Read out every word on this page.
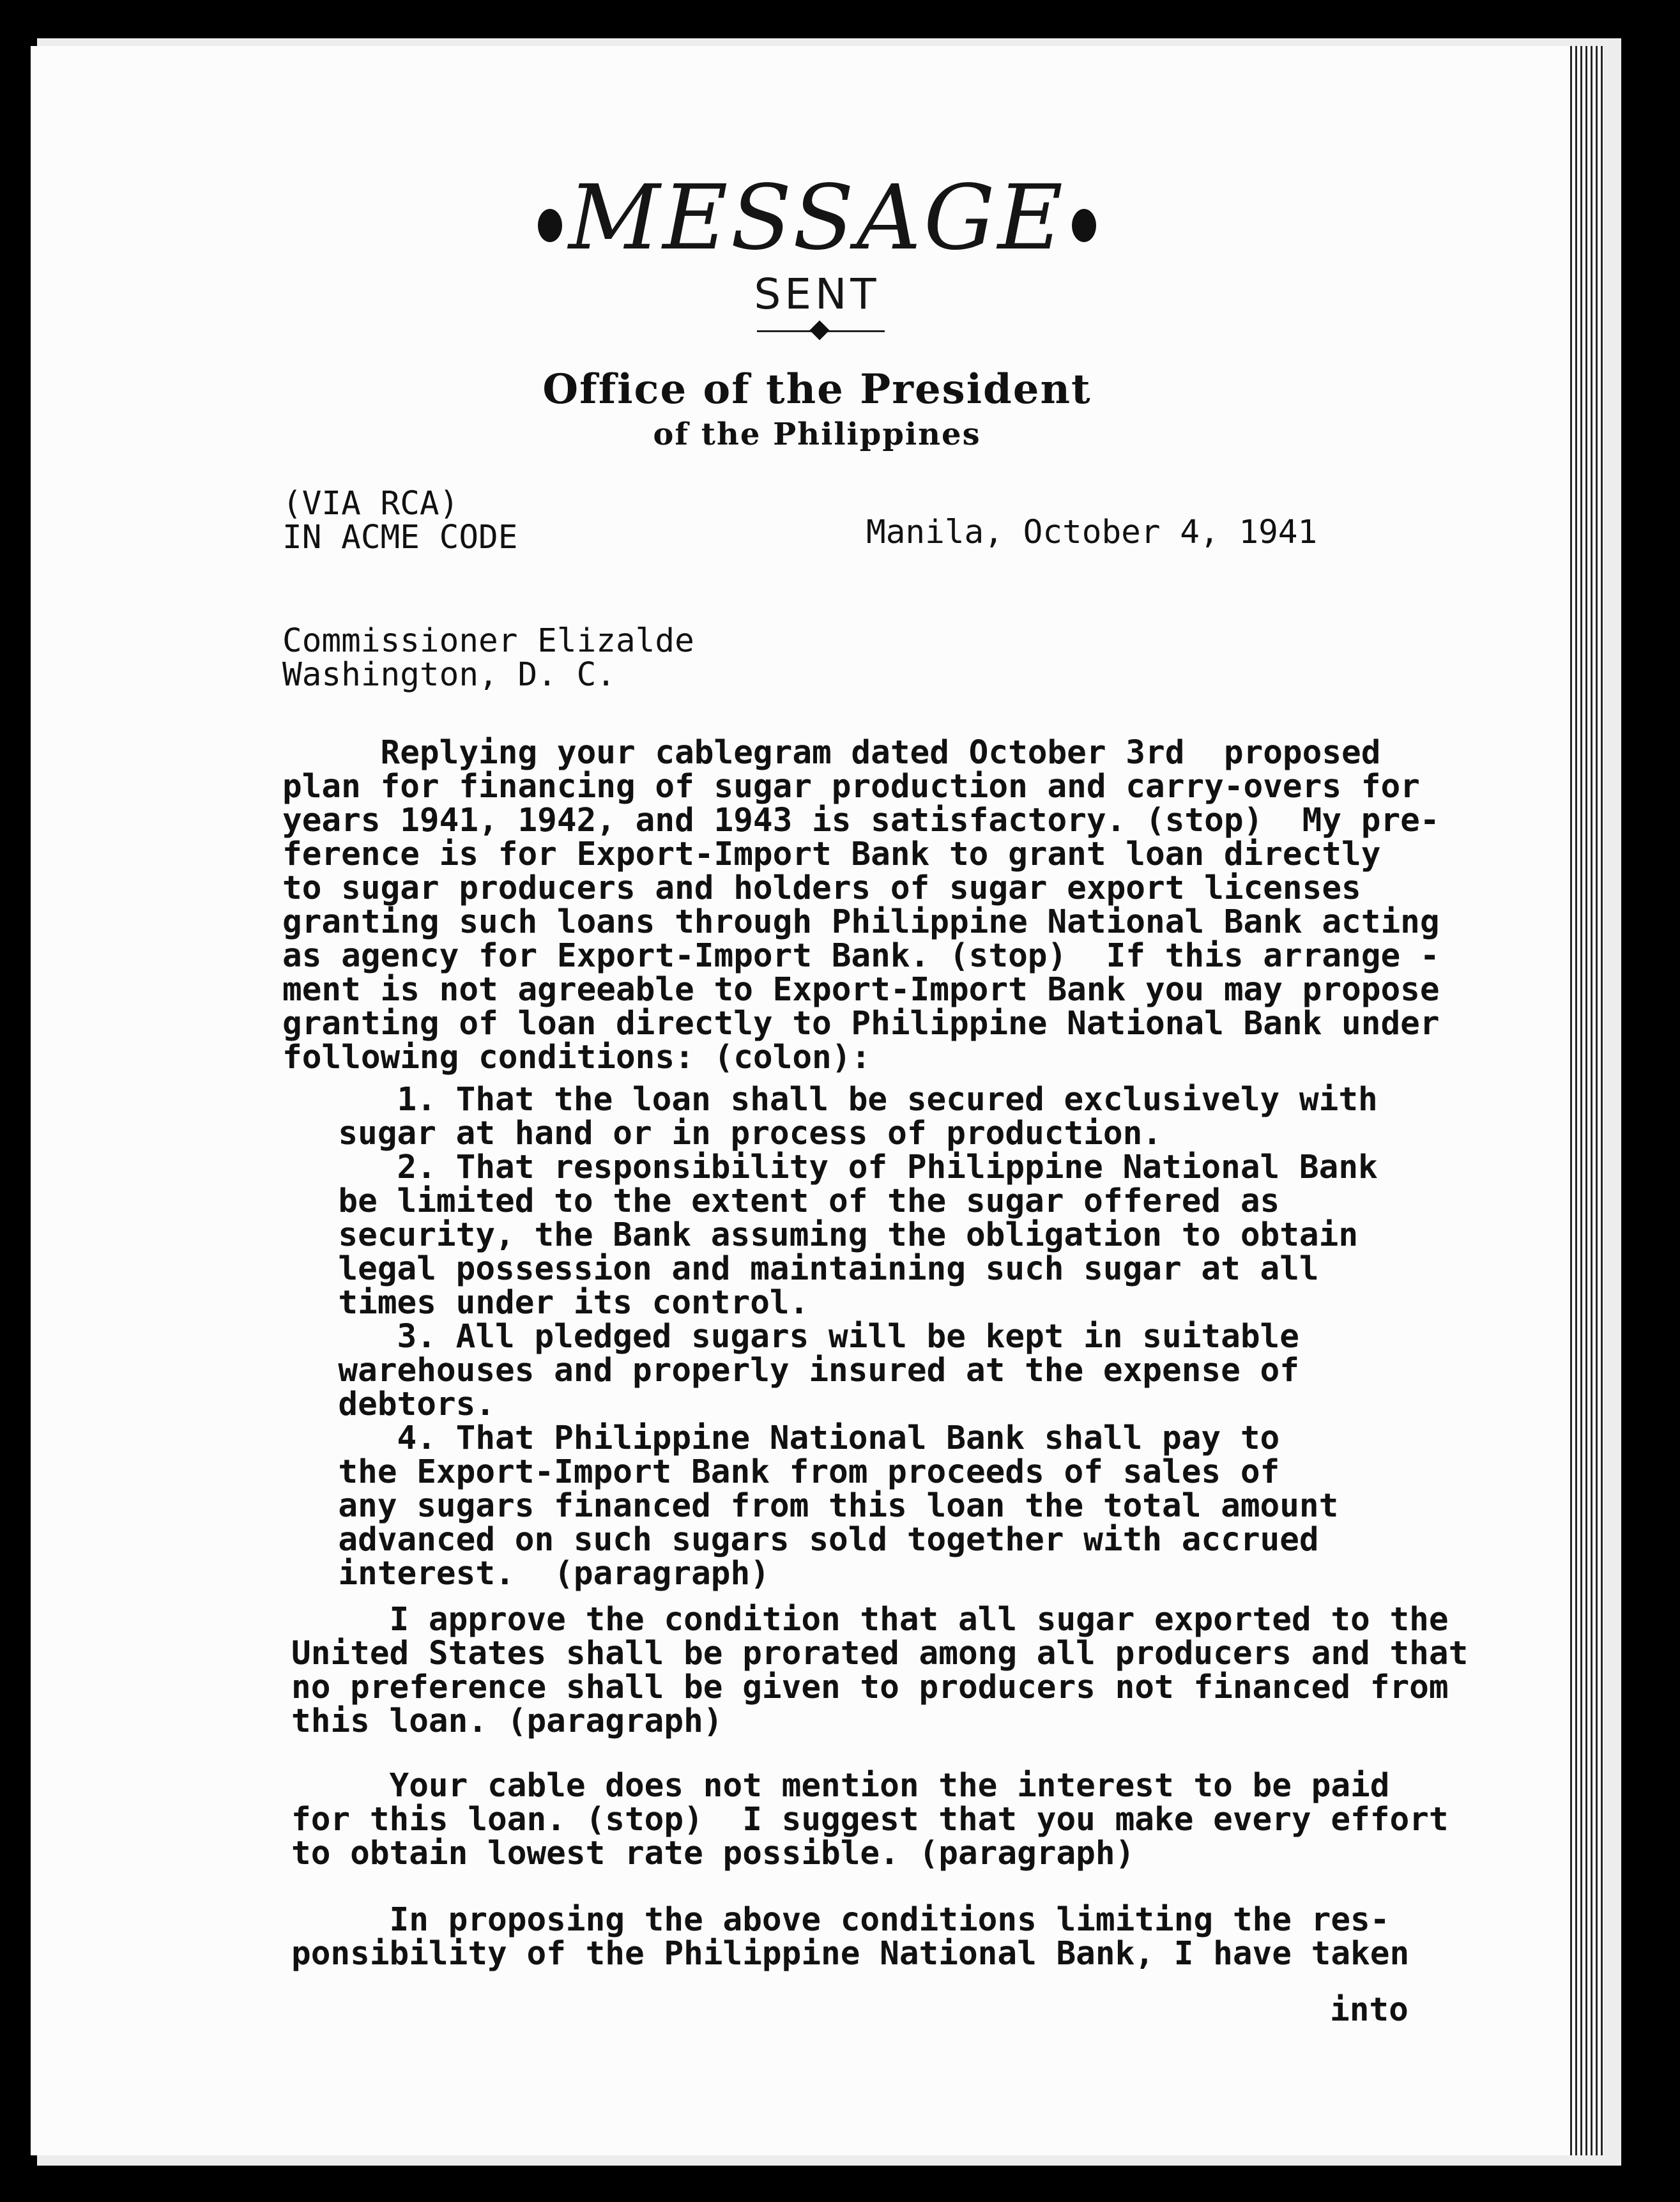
MESSAGE
SENT
Office of the President
of the Philippines
(VIA RCA)
IN ACME CODE	Manila, October 4, 1941
Commissioner Elizalde
Washington, D. C.
Replying your cablegram dated October 3rd  proposed
plan for financing of sugar production and carry-overs for
years 1941, 1942, and 1943 is satisfactory. (stop)  My pre-
ference is for Export-Import Bank to grant loan directly
to sugar producers and holders of sugar export licenses
granting such loans through Philippine National Bank acting
as agency for Export-Import Bank. (stop)  If this arrange -
ment is not agreeable to Export-Import Bank you may propose
granting of loan directly to Philippine National Bank under
following conditions: (colon):
1. That the loan shall be secured exclusively with
sugar at hand or in process of production.
2. That responsibility of Philippine National Bank
be limited to the extent of the sugar offered as
security, the Bank assuming the obligation to obtain
legal possession and maintaining such sugar at all
times under its control.
3. All pledged sugars will be kept in suitable
warehouses and properly insured at the expense of
debtors.
4. That Philippine National Bank shall pay to
the Export-Import Bank from proceeds of sales of
any sugars financed from this loan the total amount
advanced on such sugars sold together with accrued
interest.  (paragraph)
I approve the condition that all sugar exported to the
United States shall be prorated among all producers and that
no preference shall be given to producers not financed from
this loan. (paragraph)
Your cable does not mention the interest to be paid
for this loan. (stop)  I suggest that you make every effort
to obtain lowest rate possible. (paragraph)
In proposing the above conditions limiting the res-
ponsibility of the Philippine National Bank, I have taken
into
